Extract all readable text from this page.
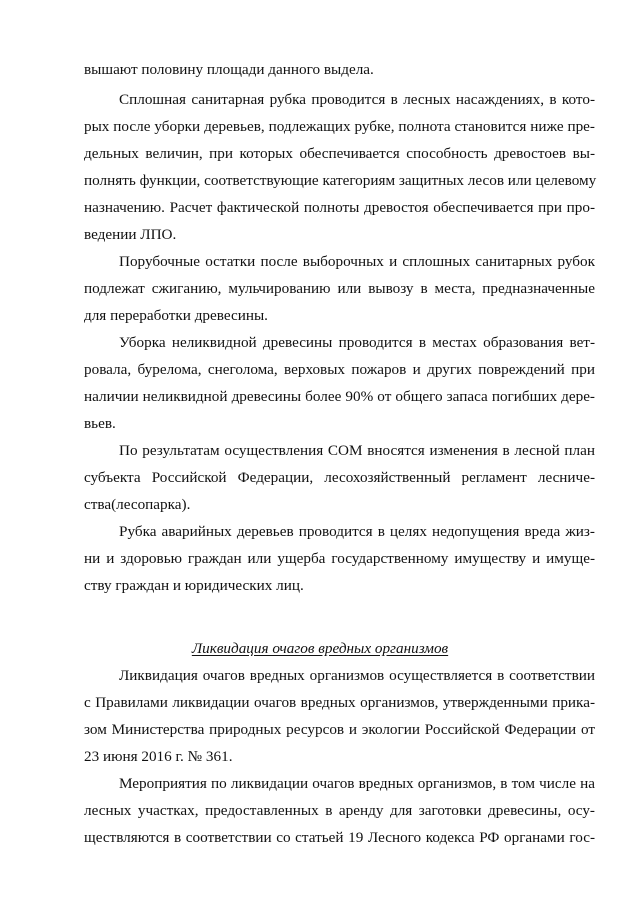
вышают половину площади данного выдела.
Сплошная санитарная рубка проводится в лесных насаждениях, в кото-
рых после уборки деревьев, подлежащих рубке, полнота становится ниже пре-
дельных величин, при которых обеспечивается способность древостоев вы-
полнять функции, соответствующие категориям защитных лесов или целевому
назначению. Расчет фактической полноты древостоя обеспечивается при про-
ведении ЛПО.
Порубочные остатки после выборочных и сплошных санитарных рубок
подлежат сжиганию, мульчированию или вывозу в места, предназначенные
для переработки древесины.
Уборка неликвидной древесины проводится в местах образования вет-
ровала, бурелома, снеголома, верховых пожаров и других повреждений при
наличии неликвидной древесины более 90% от общего запаса погибших дере-
вьев.
По результатам осуществления СОМ вносятся изменения в лесной план
субъекта Российской Федерации, лесохозяйственный регламент лесниче-
ства(лесопарка).
Рубка аварийных деревьев проводится в целях недопущения вреда жиз-
ни и здоровью граждан или ущерба государственному имуществу и имуще-
ству граждан и юридических лиц.
Ликвидация очагов вредных организмов
Ликвидация очагов вредных организмов осуществляется в соответствии
с Правилами ликвидации очагов вредных организмов, утвержденными прика-
зом Министерства природных ресурсов и экологии Российской Федерации от
23 июня 2016 г. № 361.
Мероприятия по ликвидации очагов вредных организмов, в том числе на
лесных участках, предоставленных в аренду для заготовки древесины, осу-
ществляются в соответствии со статьей 19 Лесного кодекса РФ органами гос-
